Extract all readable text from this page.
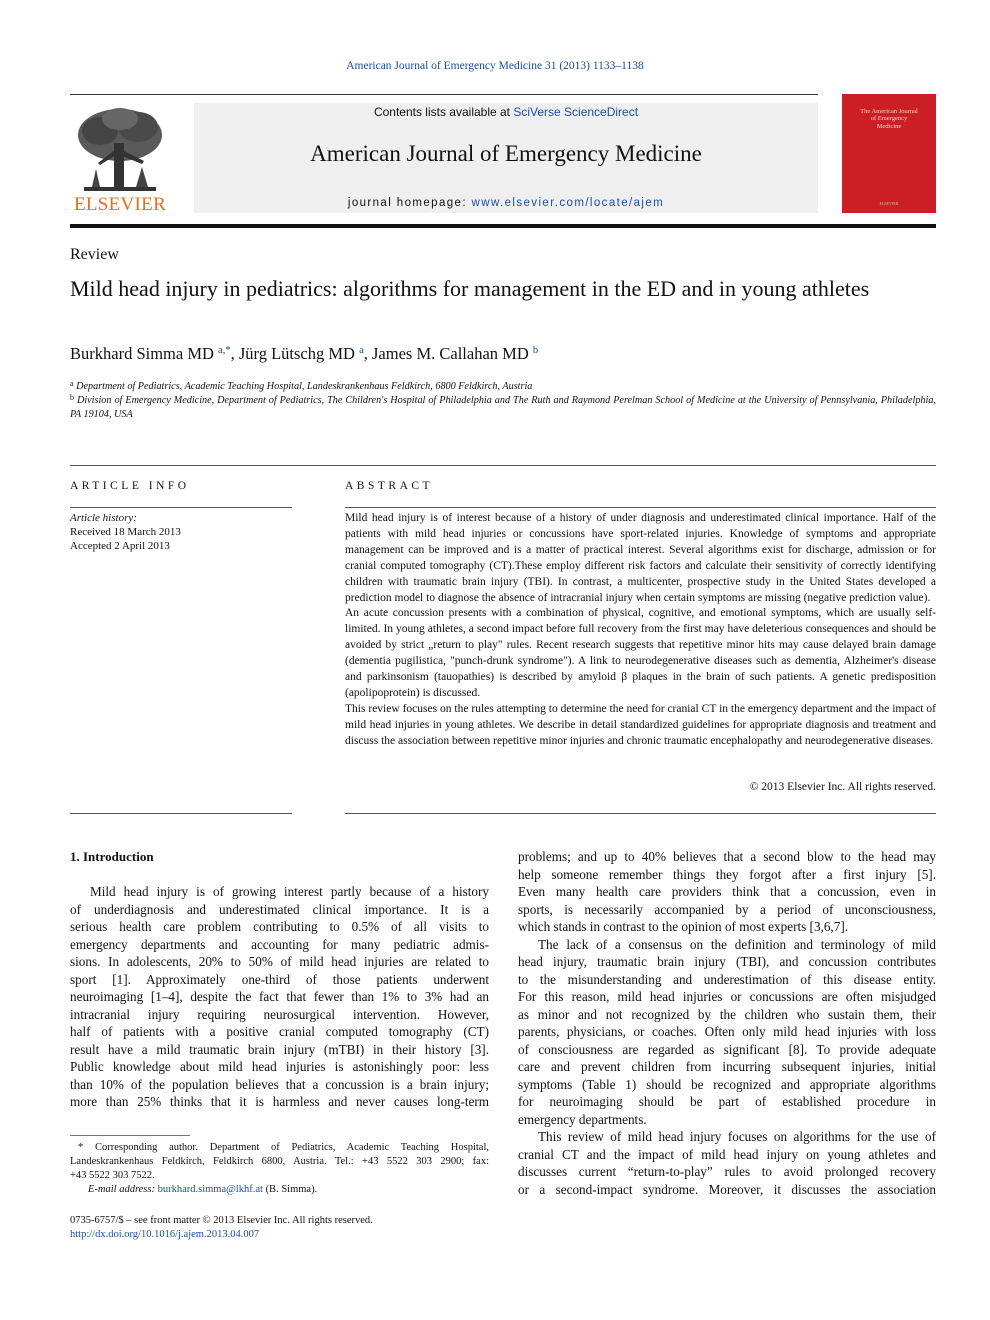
American Journal of Emergency Medicine 31 (2013) 1133–1138
ELSEVIER
Contents lists available at SciVerse ScienceDirect
American Journal of Emergency Medicine
journal homepage: www.elsevier.com/locate/ajem
The American Journal of Emergency Medicine
ELSEVIER
Review
Mild head injury in pediatrics: algorithms for management in the ED and in young athletes
Burkhard Simma MD $^{a,*}$, Jürg Lütschg MD $^a$, James M. Callahan MD $^b$
$^a$ Department of Pediatrics, Academic Teaching Hospital, Landeskrankenhaus Feldkirch, 6800 Feldkirch, Austria
$^b$ Division of Emergency Medicine, Department of Pediatrics, The Children's Hospital of Philadelphia and The Ruth and Raymond Perelman School of Medicine at the University of Pennsylvania, Philadelphia, PA 19104, USA
ARTICLE INFO	ABSTRACT
Article history:
Received 18 March 2013
Accepted 2 April 2013

Mild head injury is of interest because of a history of under diagnosis and underestimated clinical importance. Half of the patients with mild head injuries or concussions have sport-related injuries. Knowledge of symptoms and appropriate management can be improved and is a matter of practical interest. Several algorithms exist for discharge, admission or for cranial computed tomography (CT).These employ different risk factors and calculate their sensitivity of correctly identifying children with traumatic brain injury (TBI). In contrast, a multicenter, prospective study in the United States developed a prediction model to diagnose the absence of intracranial injury when certain symptoms are missing (negative prediction value).

An acute concussion presents with a combination of physical, cognitive, and emotional symptoms, which are usually self-limited. In young athletes, a second impact before full recovery from the first may have deleterious consequences and should be avoided by strict „return to play" rules. Recent research suggests that repetitive minor hits may cause delayed brain damage (dementia pugilistica, "punch-drunk syndrome"). A link to neurodegenerative diseases such as dementia, Alzheimer's disease and parkinsonism (tauopathies) is described by amyloid β plaques in the brain of such patients. A genetic predisposition (apolipoprotein) is discussed.

This review focuses on the rules attempting to determine the need for cranial CT in the emergency department and the impact of mild head injuries in young athletes. We describe in detail standardized guidelines for appropriate diagnosis and treatment and discuss the association between repetitive minor injuries and chronic traumatic encephalopathy and neurodegenerative diseases.

© 2013 Elsevier Inc. All rights reserved.
1. Introduction
Mild head injury is of growing interest partly because of a history
of underdiagnosis and underestimated clinical importance. It is a
serious health care problem contributing to 0.5% of all visits to
emergency departments and accounting for many pediatric admis-
sions. In adolescents, 20% to 50% of mild head injuries are related to
sport [1]. Approximately one-third of those patients underwent
neuroimaging [1–4], despite the fact that fewer than 1% to 3% had an
intracranial injury requiring neurosurgical intervention. However,
half of patients with a positive cranial computed tomography (CT)
result have a mild traumatic brain injury (mTBI) in their history [3].
Public knowledge about mild head injuries is astonishingly poor: less
than 10% of the population believes that a concussion is a brain injury;
more than 25% thinks that it is harmless and never causes long-term
problems; and up to 40% believes that a second blow to the head may
help someone remember things they forgot after a first injury [5].
Even many health care providers think that a concussion, even in
sports, is necessarily accompanied by a period of unconsciousness,
which stands in contrast to the opinion of most experts [3,6,7].
The lack of a consensus on the definition and terminology of mild
head injury, traumatic brain injury (TBI), and concussion contributes
to the misunderstanding and underestimation of this disease entity.
For this reason, mild head injuries or concussions are often misjudged
as minor and not recognized by the children who sustain them, their
parents, physicians, or coaches. Often only mild head injuries with loss
of consciousness are regarded as significant [8]. To provide adequate
care and prevent children from incurring subsequent injuries, initial
symptoms (Table 1) should be recognized and appropriate algorithms
for neuroimaging should be part of established procedure in
emergency departments.
This review of mild head injury focuses on algorithms for the use of
cranial CT and the impact of mild head injury on young athletes and
discusses current “return-to-play” rules to avoid prolonged recovery
or a second-impact syndrome. Moreover, it discusses the association
* Corresponding author. Department of Pediatrics, Academic Teaching Hospital,
Landeskrankenhaus Feldkirch, Feldkirch 6800, Austria. Tel.: +43 5522 303 2900; fax:
+43 5522 303 7522.
E-mail address: burkhard.simma@lkhf.at (B. Simma).
0735-6757/$ – see front matter © 2013 Elsevier Inc. All rights reserved.
http://dx.doi.org/10.1016/j.ajem.2013.04.007
